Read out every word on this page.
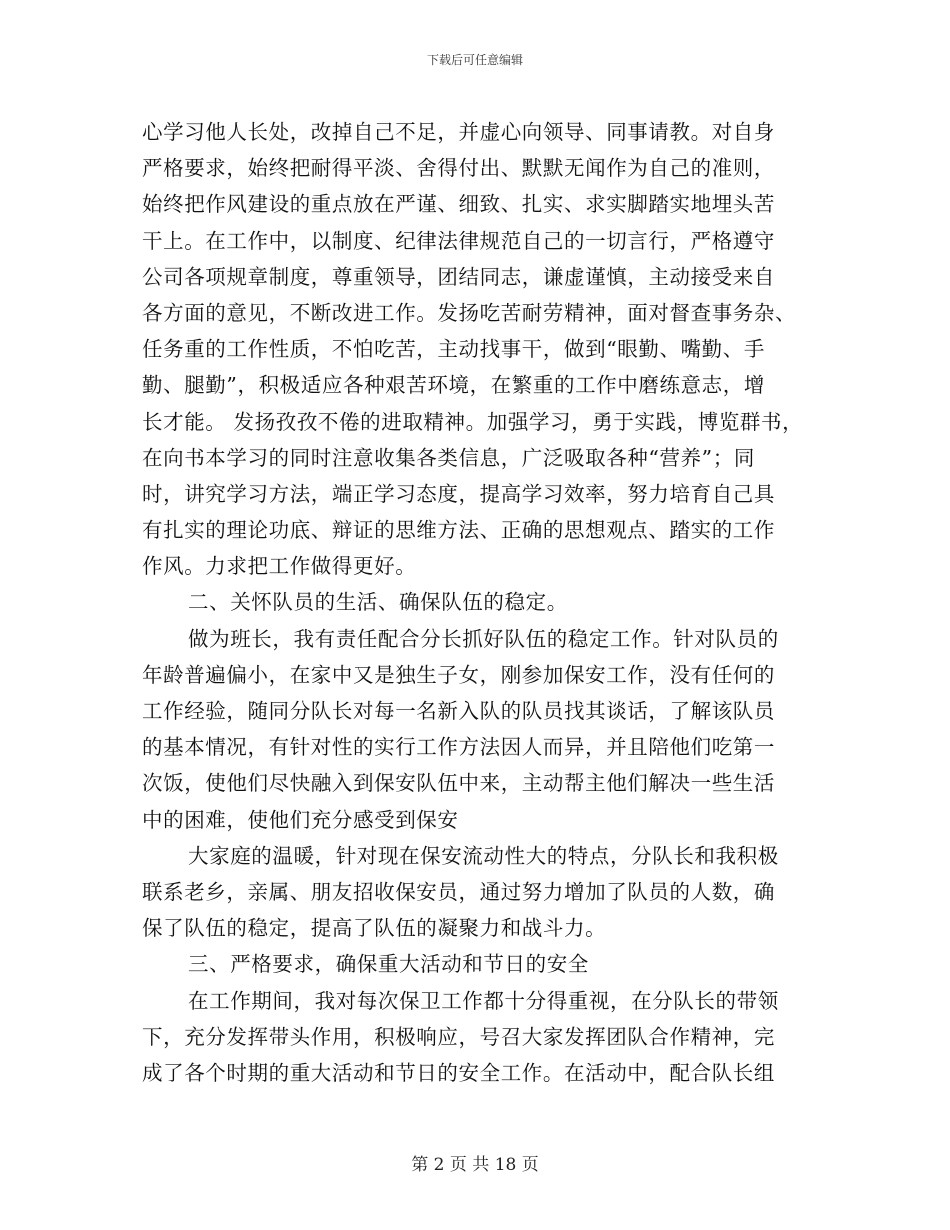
下载后可任意编辑
心学习他人长处，改掉自己不足，并虚心向领导、同事请教。对自身
严格要求，始终把耐得平淡、舍得付出、默默无闻作为自己的准则，
始终把作风建设的重点放在严谨、细致、扎实、求实脚踏实地埋头苦
干上。在工作中，以制度、纪律法律规范自己的一切言行，严格遵守
公司各项规章制度，尊重领导，团结同志，谦虚谨慎，主动接受来自
各方面的意见，不断改进工作。发扬吃苦耐劳精神，面对督查事务杂、
任务重的工作性质，不怕吃苦，主动找事干，做到“眼勤、嘴勤、手
勤、腿勤”，积极适应各种艰苦环境，在繁重的工作中磨练意志，增
长才能。 发扬孜孜不倦的进取精神。加强学习，勇于实践，博览群书，
在向书本学习的同时注意收集各类信息，广泛吸取各种“营养”；同
时，讲究学习方法，端正学习态度，提高学习效率，努力培育自己具
有扎实的理论功底、辩证的思维方法、正确的思想观点、踏实的工作
作风。力求把工作做得更好。
二、关怀队员的生活、确保队伍的稳定。
做为班长，我有责任配合分长抓好队伍的稳定工作。针对队员的
年龄普遍偏小，在家中又是独生子女，刚参加保安工作，没有任何的
工作经验，随同分队长对每一名新入队的队员找其谈话，了解该队员
的基本情况，有针对性的实行工作方法因人而异，并且陪他们吃第一
次饭，使他们尽快融入到保安队伍中来，主动帮主他们解决一些生活
中的困难，使他们充分感受到保安
大家庭的温暖，针对现在保安流动性大的特点，分队长和我积极
联系老乡，亲属、朋友招收保安员，通过努力增加了队员的人数，确
保了队伍的稳定，提高了队伍的凝聚力和战斗力。
三、严格要求，确保重大活动和节日的安全
在工作期间，我对每次保卫工作都十分得重视，在分队长的带领
下，充分发挥带头作用，积极响应，号召大家发挥团队合作精神，完
成了各个时期的重大活动和节日的安全工作。在活动中，配合队长组
第 2 页 共 18 页
